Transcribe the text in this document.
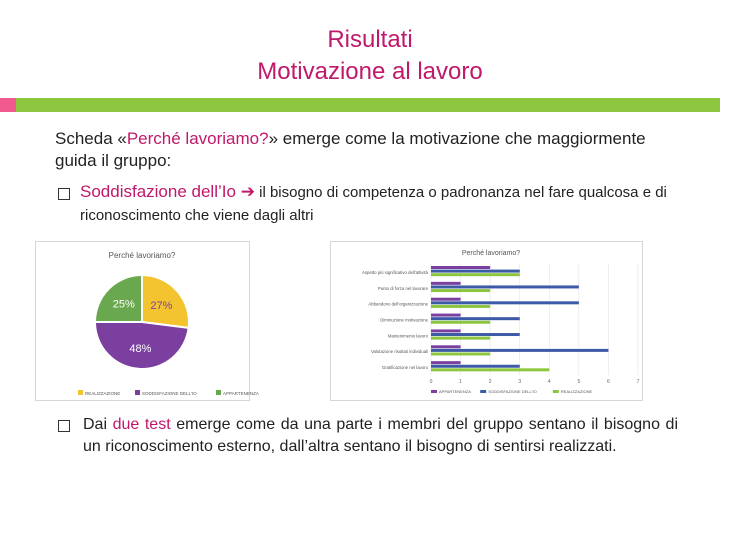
Risultati
Motivazione al lavoro
Scheda «Perché lavoriamo?» emerge come la motivazione che maggiormente guida il gruppo:
Soddisfazione dell’Io ➔ il bisogno di competenza o padronanza nel fare qualcosa e di riconoscimento che viene dagli altri
Perché lavoriamo?
27%
48%
25%
REALIZZAZIONE	SODDISFAZIONE DELL'IO	APPARTENENZA
Perché lavoriamo?
Aspetto più significativo dell'attività
Punto di forza nel lavorare
Abbandono dell'organizzazione
Diminuzione motivazione
Mantenimento lavoro
Valutazione risultati individuali
Gratificazione nel lavoro
0	1	2	3	4	5	6	7
APPARTENENZA	SODDISFAZIONE DELL'IO	REALIZZAZIONE
Dai due test emerge come da una parte i membri del gruppo sentano il bisogno di un riconoscimento esterno, dall’altra sentano il bisogno di sentirsi realizzati.
